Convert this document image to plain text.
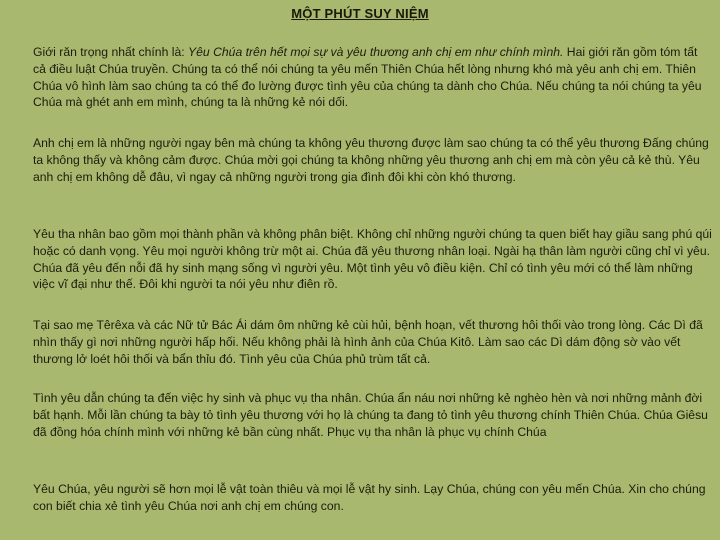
MỘT PHÚT SUY NIỆM

Giới răn trọng nhất chính là: Yêu Chúa trên hết mọi sự và yêu thương anh chị em như chính mình. Hai giới răn gồm tóm tất cả điều luật Chúa truyền. Chúng ta có thể nói chúng ta yêu mến Thiên Chúa hết lòng nhưng khó mà yêu anh chị em. Thiên Chúa vô hình làm sao chúng ta có thể đo lường được tình yêu của chúng ta dành cho Chúa. Nếu chúng ta nói chúng ta yêu Chúa mà ghét anh em mình, chúng ta là những kẻ nói dối.

Anh chị em là những người ngay bên mà chúng ta không yêu thương được làm sao chúng ta có thể yêu thương Đấng chúng ta không thấy và không cảm được. Chúa mời gọi chúng ta không những yêu thương anh chị em mà còn yêu cả kẻ thù. Yêu anh chị em không dễ đâu, vì ngay cả những người trong gia đình đôi khi còn khó thương.

Yêu tha nhân bao gồm mọi thành phần và không phân biệt. Không chỉ những người chúng ta quen biết hay giầu sang phú qúi hoặc có danh vọng. Yêu mọi người không trừ một ai. Chúa đã yêu thương nhân loại. Ngài hạ thân làm người cũng chỉ vì yêu. Chúa đã yêu đến nỗi đã hy sinh mạng sống vì người yêu. Một tình yêu vô điều kiện. Chỉ có tình yêu mới có thể làm những việc vĩ đại như thế. Đôi khi người ta nói yêu như điên rồ.

Tại sao mẹ Têrêxa và các Nữ tử Bác Ái dám ôm những kẻ cùi hủi, bệnh hoạn, vết thương hôi thối vào trong lòng. Các Dì đã nhìn thấy gì nơi những người hấp hối. Nếu không phải là hình ảnh của Chúa Kitô. Làm sao các Dì dám động sờ vào vết thương lở loét hôi thối và bẩn thỉu đó. Tình yêu của Chúa phủ trùm tất cả.

Tình yêu dẫn chúng ta đến việc hy sinh và phục vụ tha nhân. Chúa ẩn náu nơi những kẻ nghèo hèn và nơi những mảnh đời bất hạnh. Mỗi lần chúng ta bày tỏ tình yêu thương với họ là chúng ta đang tỏ tình yêu thương chính Thiên Chúa. Chúa Giêsu đã đồng hóa chính mình với những kẻ bần cùng nhất. Phục vụ tha nhân là phục vụ chính Chúa

Yêu Chúa, yêu người sẽ hơn mọi lễ vật toàn thiêu và mọi lễ vật hy sinh. Lạy Chúa, chúng con yêu mến Chúa. Xin cho chúng con biết chia xẻ tình yêu Chúa nơi anh chị em chúng con.
